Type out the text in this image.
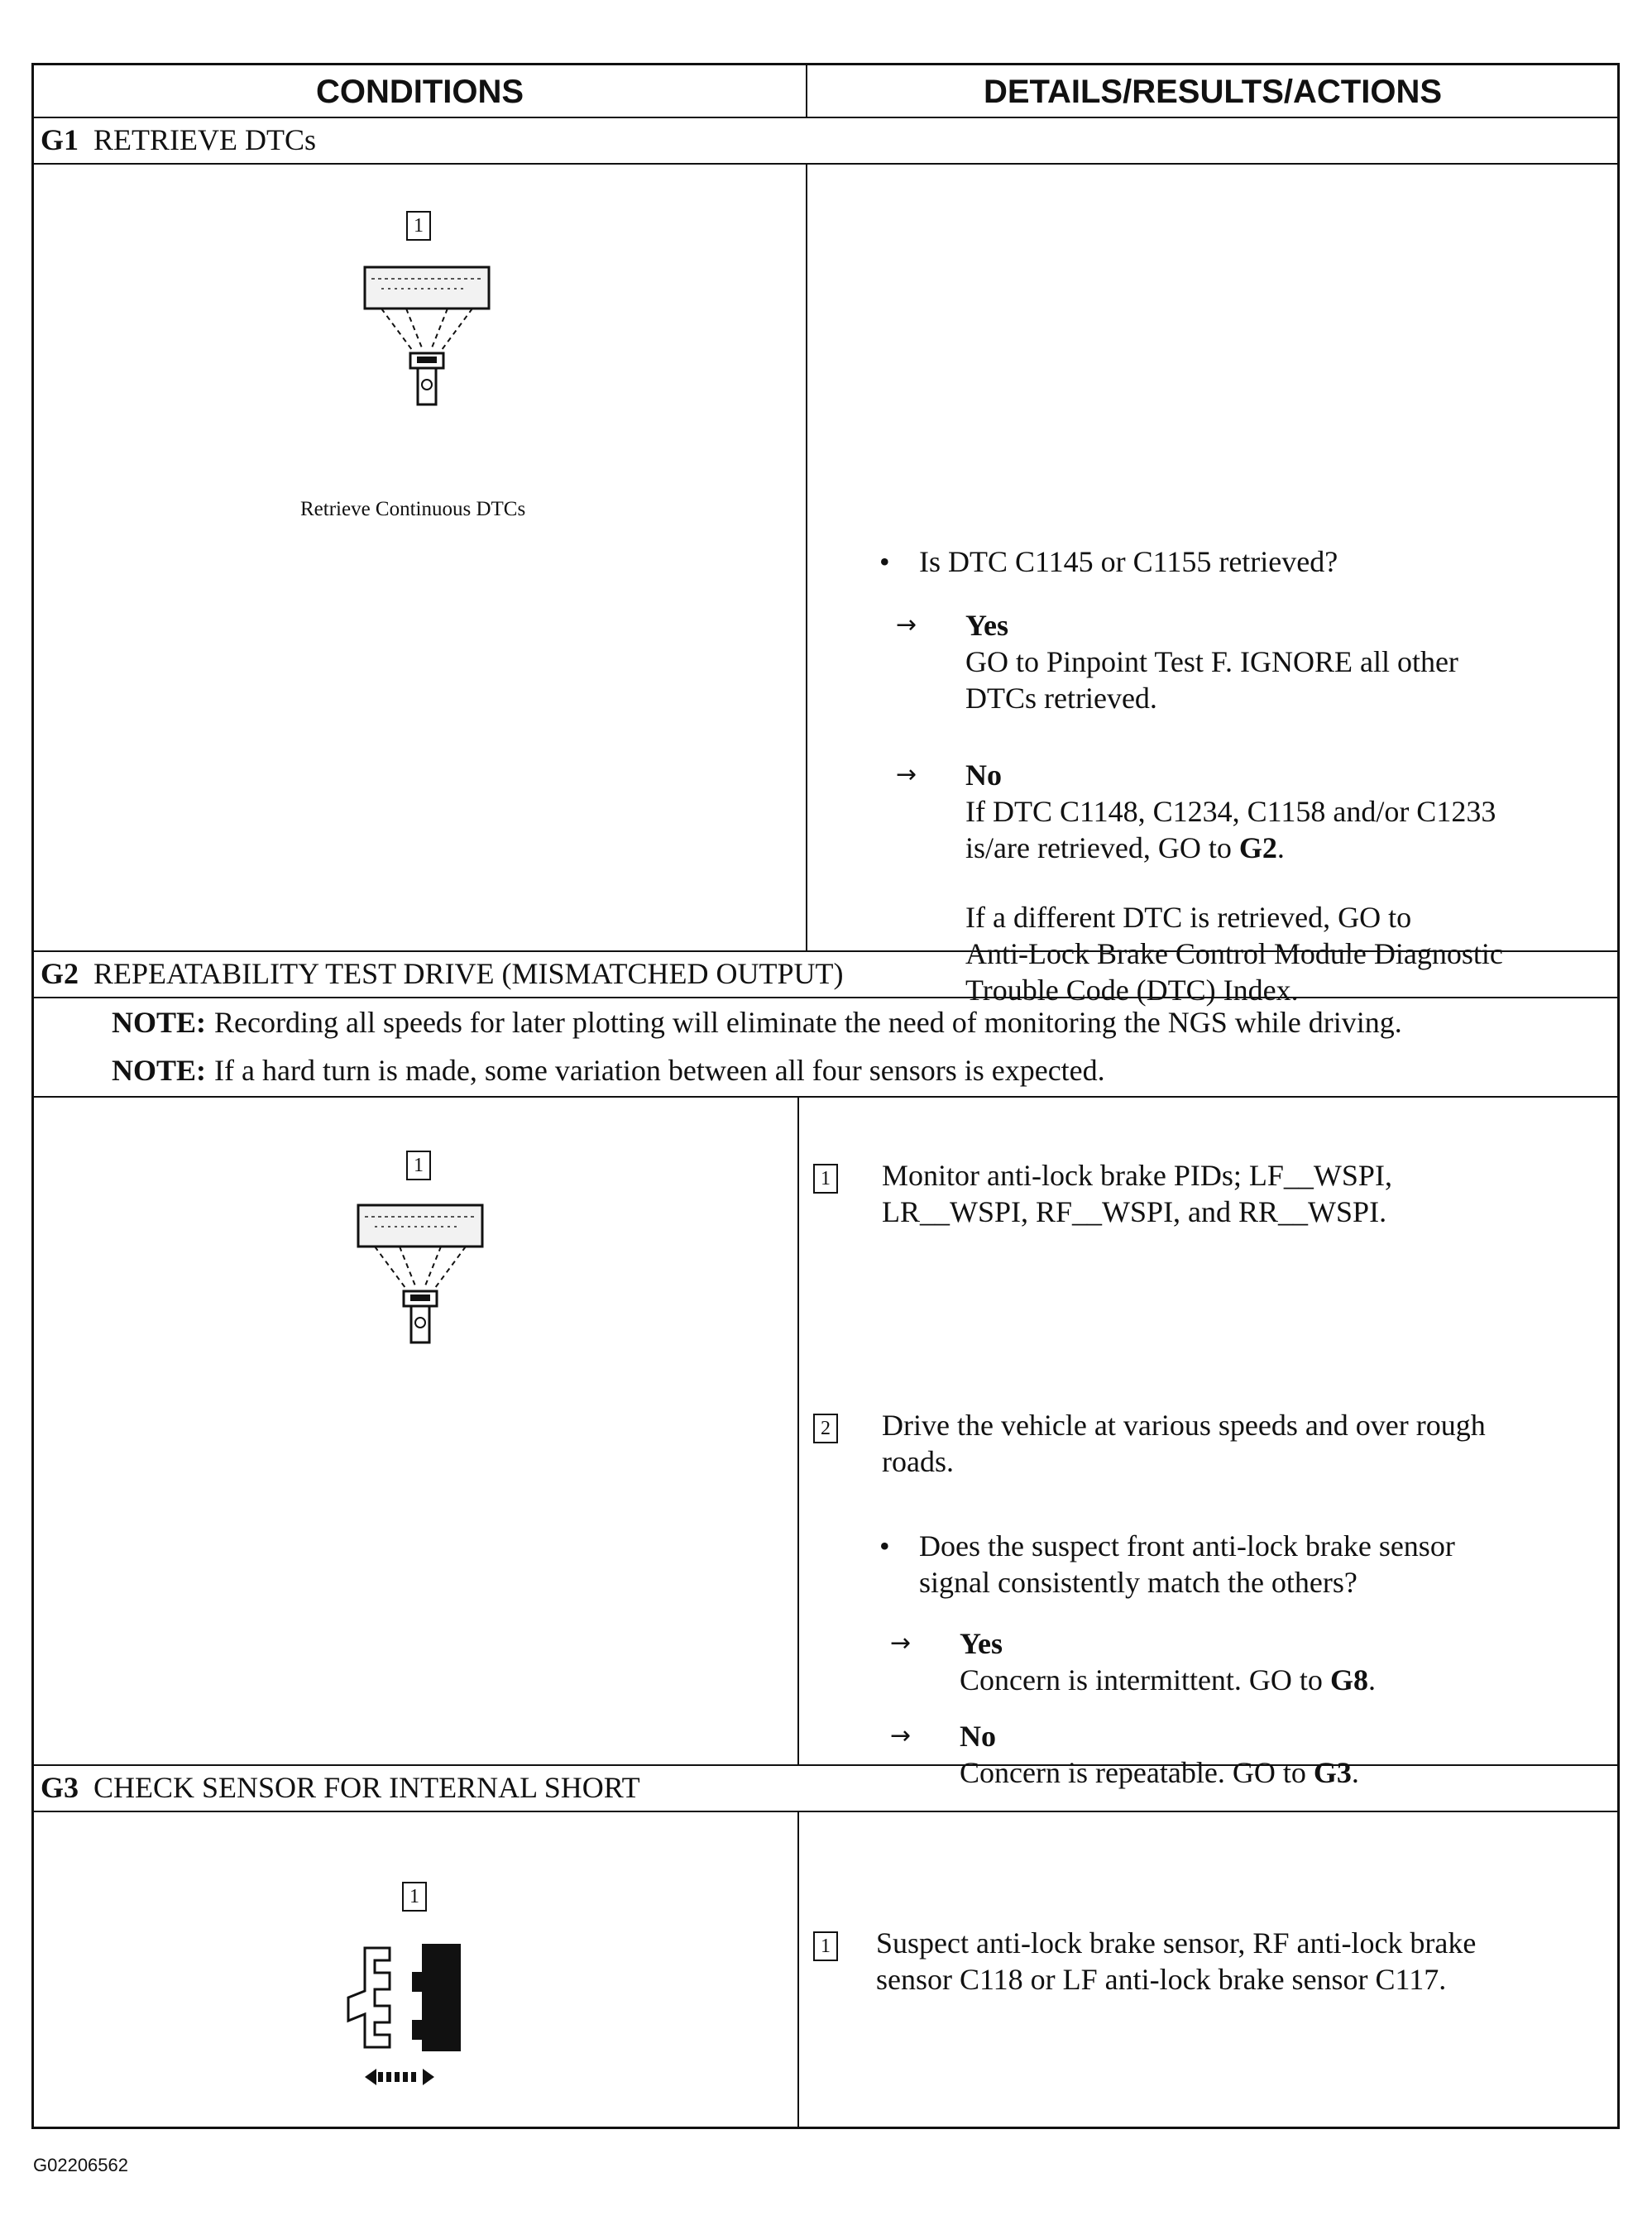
CONDITIONS	DETAILS/RESULTS/ACTIONS
G1 RETRIEVE DTCs
1
Retrieve Continuous DTCs
• Is DTC C1145 or C1155 retrieved?
→ Yes
GO to Pinpoint Test F. IGNORE all other
DTCs retrieved.
→ No
If DTC C1148, C1234, C1158 and/or C1233
is/are retrieved, GO to G2.

If a different DTC is retrieved, GO to
Anti-Lock Brake Control Module Diagnostic
Trouble Code (DTC) Index.
G2 REPEATABILITY TEST DRIVE (MISMATCHED OUTPUT)
NOTE: Recording all speeds for later plotting will eliminate the need of monitoring the NGS while driving.
NOTE: If a hard turn is made, some variation between all four sensors is expected.
1
1 Monitor anti-lock brake PIDs; LF__WSPI,
LR__WSPI, RF__WSPI, and RR__WSPI.
2 Drive the vehicle at various speeds and over rough
roads.
• Does the suspect front anti-lock brake sensor
signal consistently match the others?
→ Yes
Concern is intermittent. GO to G8.
→ No
Concern is repeatable. GO to G3.
G3 CHECK SENSOR FOR INTERNAL SHORT
1
1 Suspect anti-lock brake sensor, RF anti-lock brake
sensor C118 or LF anti-lock brake sensor C117.
G02206562
